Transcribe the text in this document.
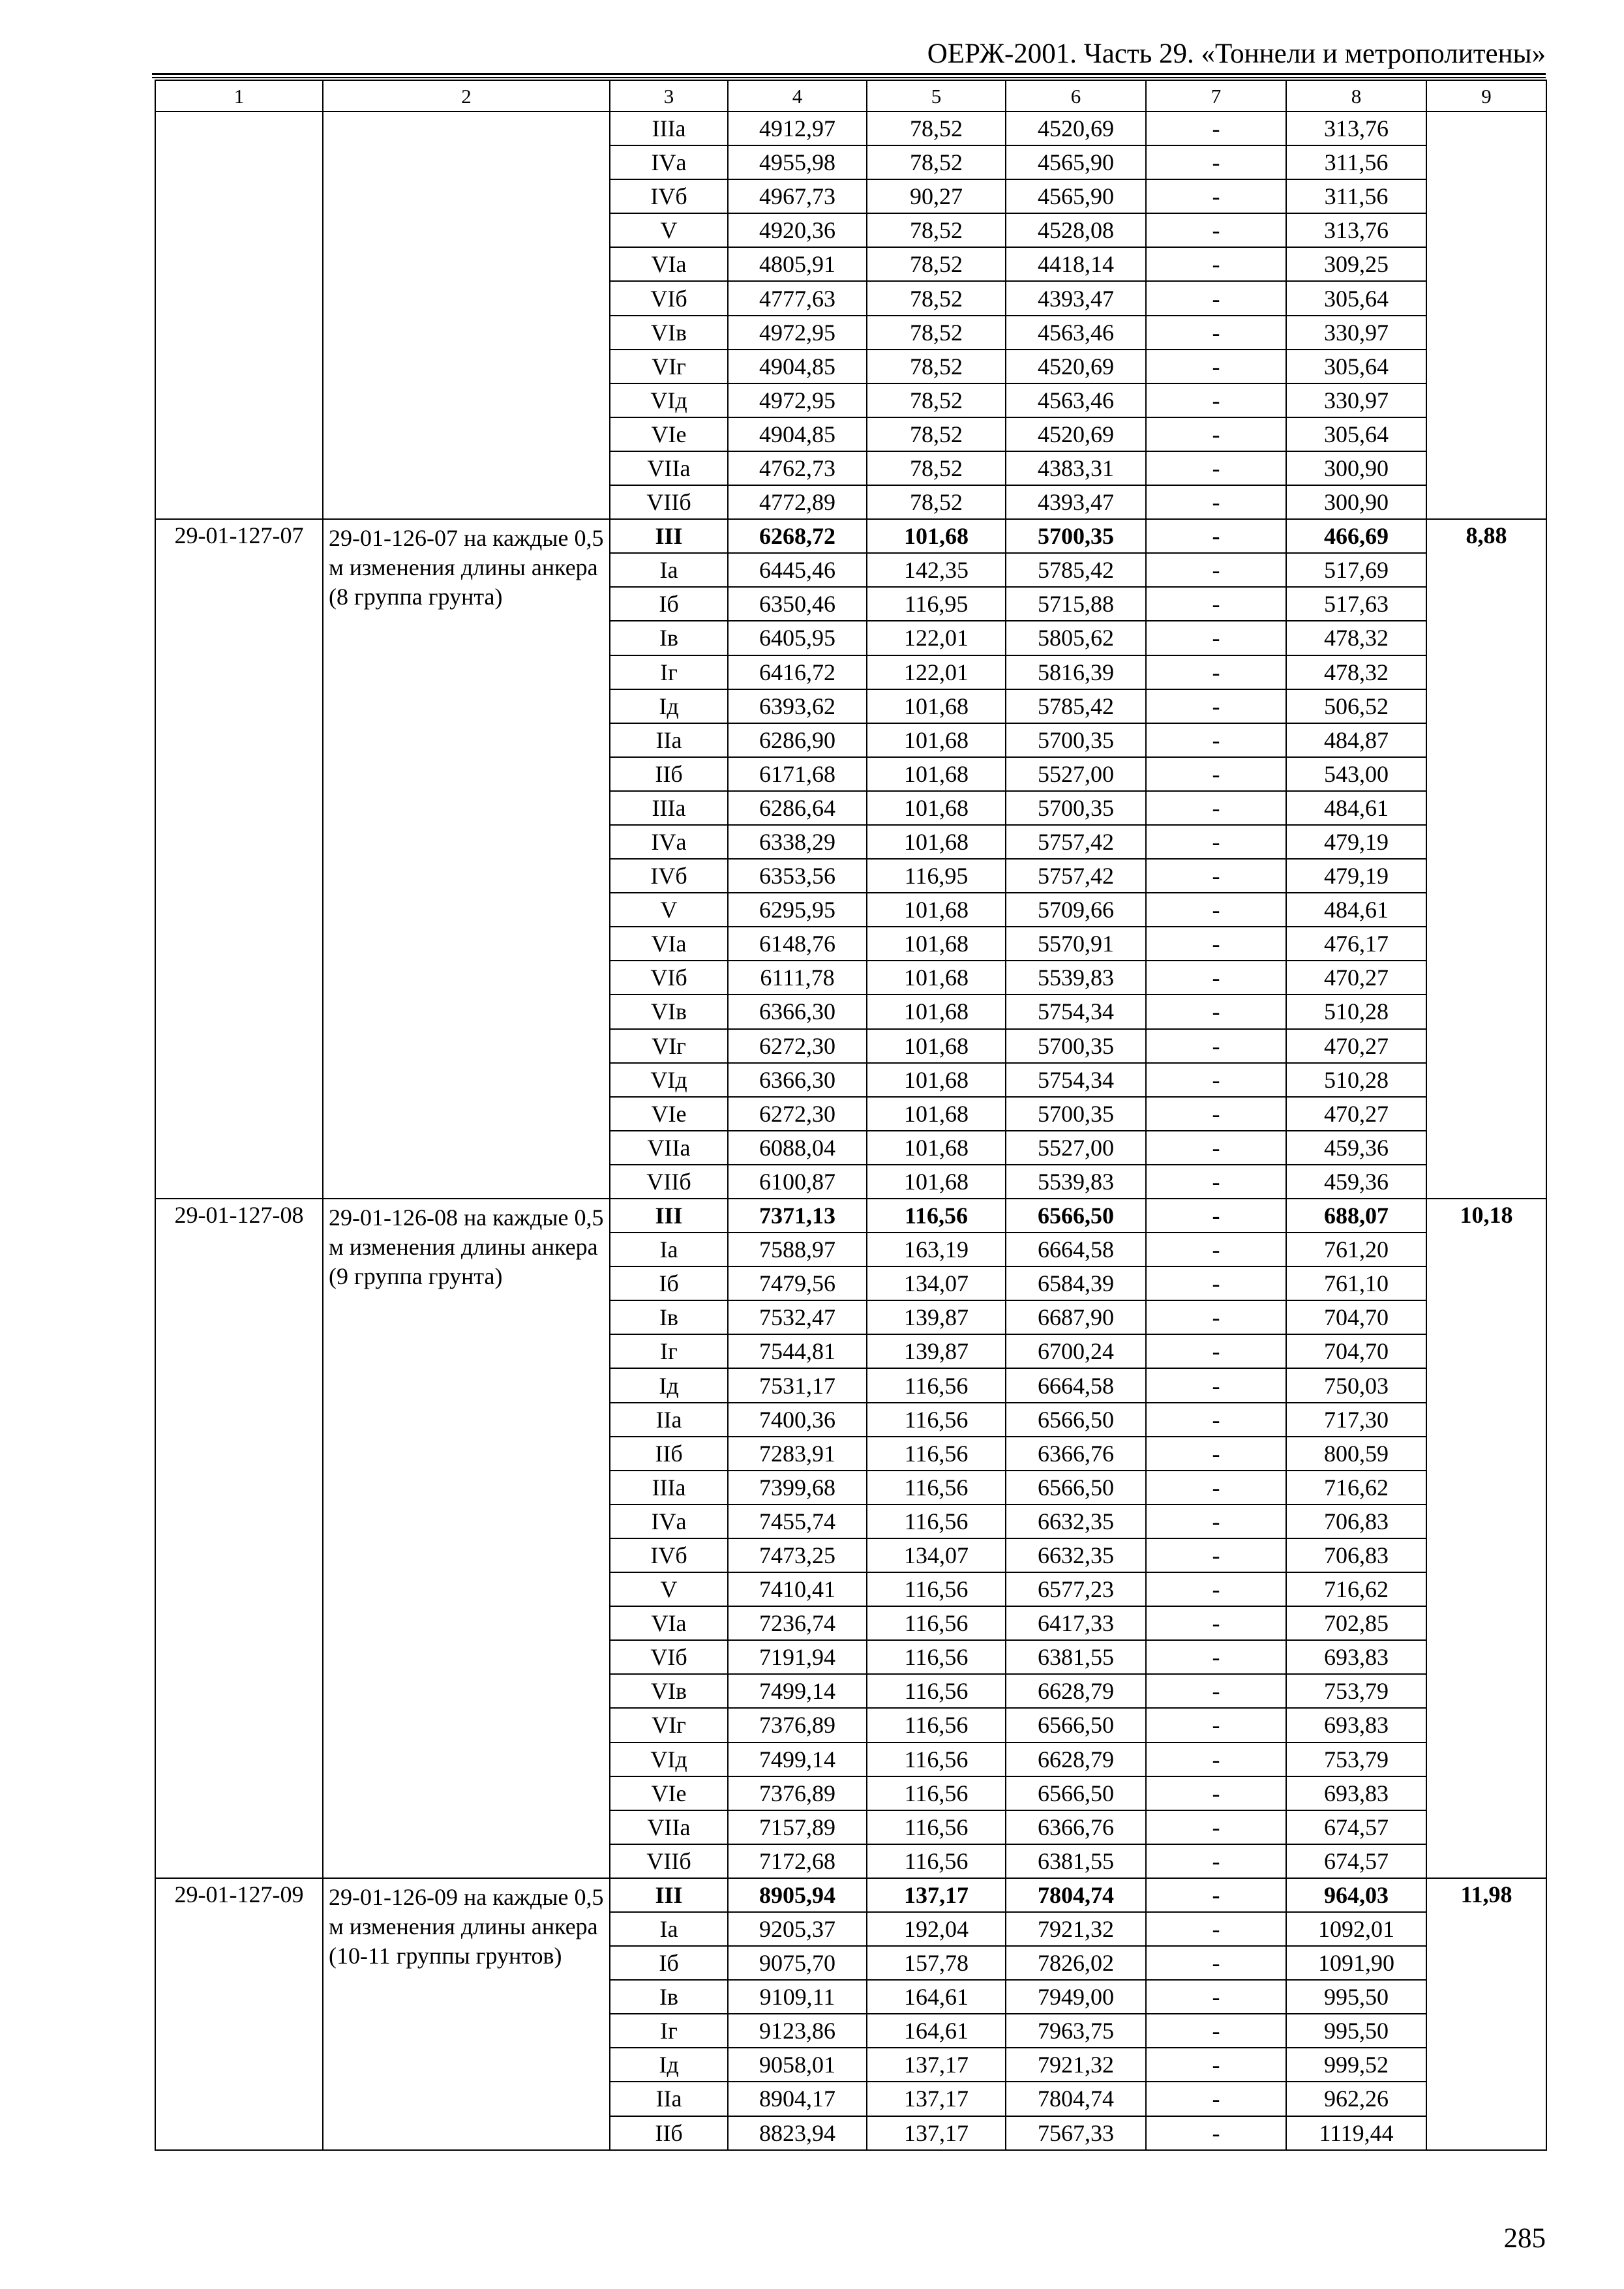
ОЕРЖ-2001. Часть 29. «Тоннели и метрополитены»
1	2	3	4	5	6	7	8	9
		IIIа	4912,97	78,52	4520,69	-	313,76	
		IVа	4955,98	78,52	4565,90	-	311,56	
		IVб	4967,73	90,27	4565,90	-	311,56	
		V	4920,36	78,52	4528,08	-	313,76	
		VIа	4805,91	78,52	4418,14	-	309,25	
		VIб	4777,63	78,52	4393,47	-	305,64	
		VIв	4972,95	78,52	4563,46	-	330,97	
		VIг	4904,85	78,52	4520,69	-	305,64	
		VIд	4972,95	78,52	4563,46	-	330,97	
		VIе	4904,85	78,52	4520,69	-	305,64	
		VIIа	4762,73	78,52	4383,31	-	300,90	
		VIIб	4772,89	78,52	4393,47	-	300,90	
29-01-127-07	29-01-126-07 на каждые 0,5 м изменения длины анкера (8 группа грунта)	III	6268,72	101,68	5700,35	-	466,69	8,88
		Iа	6445,46	142,35	5785,42	-	517,69	
		Iб	6350,46	116,95	5715,88	-	517,63	
		Iв	6405,95	122,01	5805,62	-	478,32	
		Iг	6416,72	122,01	5816,39	-	478,32	
		Iд	6393,62	101,68	5785,42	-	506,52	
		IIа	6286,90	101,68	5700,35	-	484,87	
		IIб	6171,68	101,68	5527,00	-	543,00	
		IIIа	6286,64	101,68	5700,35	-	484,61	
		IVа	6338,29	101,68	5757,42	-	479,19	
		IVб	6353,56	116,95	5757,42	-	479,19	
		V	6295,95	101,68	5709,66	-	484,61	
		VIа	6148,76	101,68	5570,91	-	476,17	
		VIб	6111,78	101,68	5539,83	-	470,27	
		VIв	6366,30	101,68	5754,34	-	510,28	
		VIг	6272,30	101,68	5700,35	-	470,27	
		VIд	6366,30	101,68	5754,34	-	510,28	
		VIе	6272,30	101,68	5700,35	-	470,27	
		VIIа	6088,04	101,68	5527,00	-	459,36	
		VIIб	6100,87	101,68	5539,83	-	459,36	
29-01-127-08	29-01-126-08 на каждые 0,5 м изменения длины анкера (9 группа грунта)	III	7371,13	116,56	6566,50	-	688,07	10,18
		Iа	7588,97	163,19	6664,58	-	761,20	
		Iб	7479,56	134,07	6584,39	-	761,10	
		Iв	7532,47	139,87	6687,90	-	704,70	
		Iг	7544,81	139,87	6700,24	-	704,70	
		Iд	7531,17	116,56	6664,58	-	750,03	
		IIа	7400,36	116,56	6566,50	-	717,30	
		IIб	7283,91	116,56	6366,76	-	800,59	
		IIIа	7399,68	116,56	6566,50	-	716,62	
		IVа	7455,74	116,56	6632,35	-	706,83	
		IVб	7473,25	134,07	6632,35	-	706,83	
		V	7410,41	116,56	6577,23	-	716,62	
		VIа	7236,74	116,56	6417,33	-	702,85	
		VIб	7191,94	116,56	6381,55	-	693,83	
		VIв	7499,14	116,56	6628,79	-	753,79	
		VIг	7376,89	116,56	6566,50	-	693,83	
		VIд	7499,14	116,56	6628,79	-	753,79	
		VIе	7376,89	116,56	6566,50	-	693,83	
		VIIа	7157,89	116,56	6366,76	-	674,57	
		VIIб	7172,68	116,56	6381,55	-	674,57	
29-01-127-09	29-01-126-09 на каждые 0,5 м изменения длины анкера (10-11 группы грунтов)	III	8905,94	137,17	7804,74	-	964,03	11,98
		Iа	9205,37	192,04	7921,32	-	1092,01	
		Iб	9075,70	157,78	7826,02	-	1091,90	
		Iв	9109,11	164,61	7949,00	-	995,50	
		Iг	9123,86	164,61	7963,75	-	995,50	
		Iд	9058,01	137,17	7921,32	-	999,52	
		IIа	8904,17	137,17	7804,74	-	962,26	
		IIб	8823,94	137,17	7567,33	-	1119,44	
285
